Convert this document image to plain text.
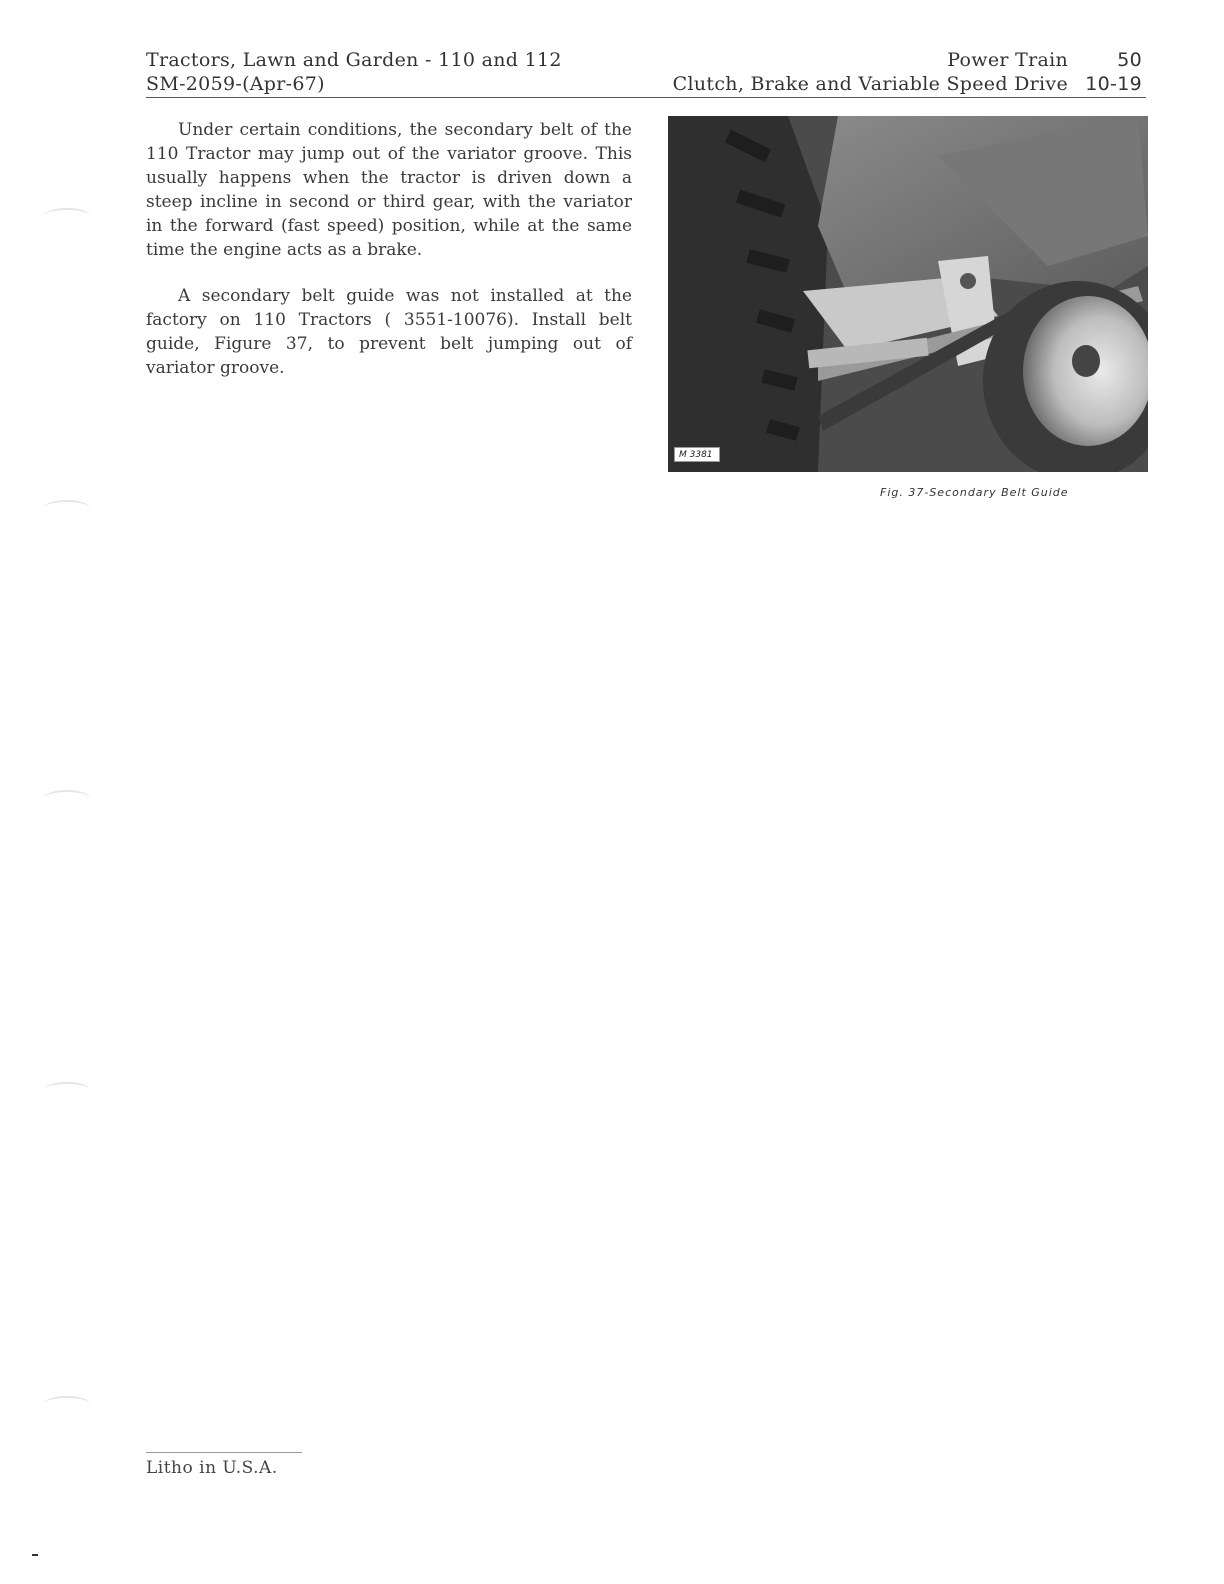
Tractors, Lawn and Garden - 110 and 112
SM-2059-(Apr-67)
Power Train	50
Clutch, Brake and Variable Speed Drive 10-19

Under certain conditions, the secondary belt of the 110 Tractor may jump out of the variator groove. This usually happens when the tractor is driven down a steep incline in second or third gear, with the variator in the forward (fast speed) position, while at the same time the engine acts as a brake.

A secondary belt guide was not installed at the factory on 110 Tractors ( 3551-10076). Install belt guide, Figure 37, to prevent belt jumping out of variator groove.

M 3381
Fig. 37-Secondary Belt Guide
Litho in U.S.A.
